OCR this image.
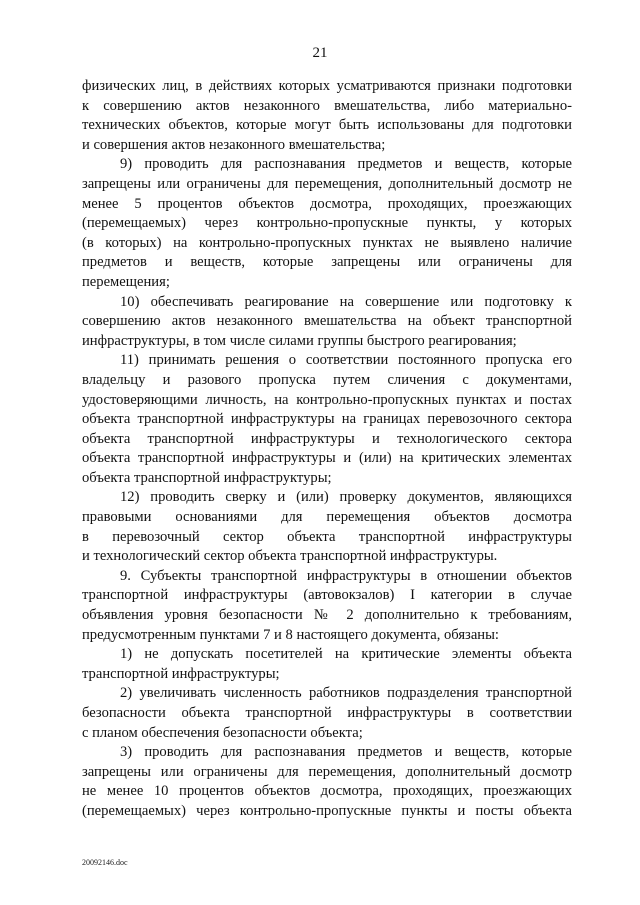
21
физических лиц, в действиях которых усматриваются признаки подготовки
к совершению актов незаконного вмешательства, либо материально-
технических объектов, которые могут быть использованы для подготовки
и совершения актов незаконного вмешательства;
9) проводить для распознавания предметов и веществ, которые
запрещены или ограничены для перемещения, дополнительный досмотр не
менее 5 процентов объектов досмотра, проходящих, проезжающих
(перемещаемых) через контрольно-пропускные пункты, у которых
(в которых) на контрольно-пропускных пунктах не выявлено наличие
предметов и веществ, которые запрещены или ограничены для
перемещения;
10) обеспечивать реагирование на совершение или подготовку к
совершению актов незаконного вмешательства на объект транспортной
инфраструктуры, в том числе силами группы быстрого реагирования;
11) принимать решения о соответствии постоянного пропуска его
владельцу и разового пропуска путем сличения с документами,
удостоверяющими личность, на контрольно-пропускных пунктах и постах
объекта транспортной инфраструктуры на границах перевозочного сектора
объекта транспортной инфраструктуры и технологического сектора
объекта транспортной инфраструктуры и (или) на критических элементах
объекта транспортной инфраструктуры;
12) проводить сверку и (или) проверку документов, являющихся
правовыми основаниями для перемещения объектов досмотра
в перевозочный сектор объекта транспортной инфраструктуры
и технологический сектор объекта транспортной инфраструктуры.
9. Субъекты транспортной инфраструктуры в отношении объектов
транспортной инфраструктуры (автовокзалов) I категории в случае
объявления уровня безопасности № 2 дополнительно к требованиям,
предусмотренным пунктами 7 и 8 настоящего документа, обязаны:
1) не допускать посетителей на критические элементы объекта
транспортной инфраструктуры;
2) увеличивать численность работников подразделения транспортной
безопасности объекта транспортной инфраструктуры в соответствии
с планом обеспечения безопасности объекта;
3) проводить для распознавания предметов и веществ, которые
запрещены или ограничены для перемещения, дополнительный досмотр
не менее 10 процентов объектов досмотра, проходящих, проезжающих
(перемещаемых) через контрольно-пропускные пункты и посты объекта
20092146.doc
